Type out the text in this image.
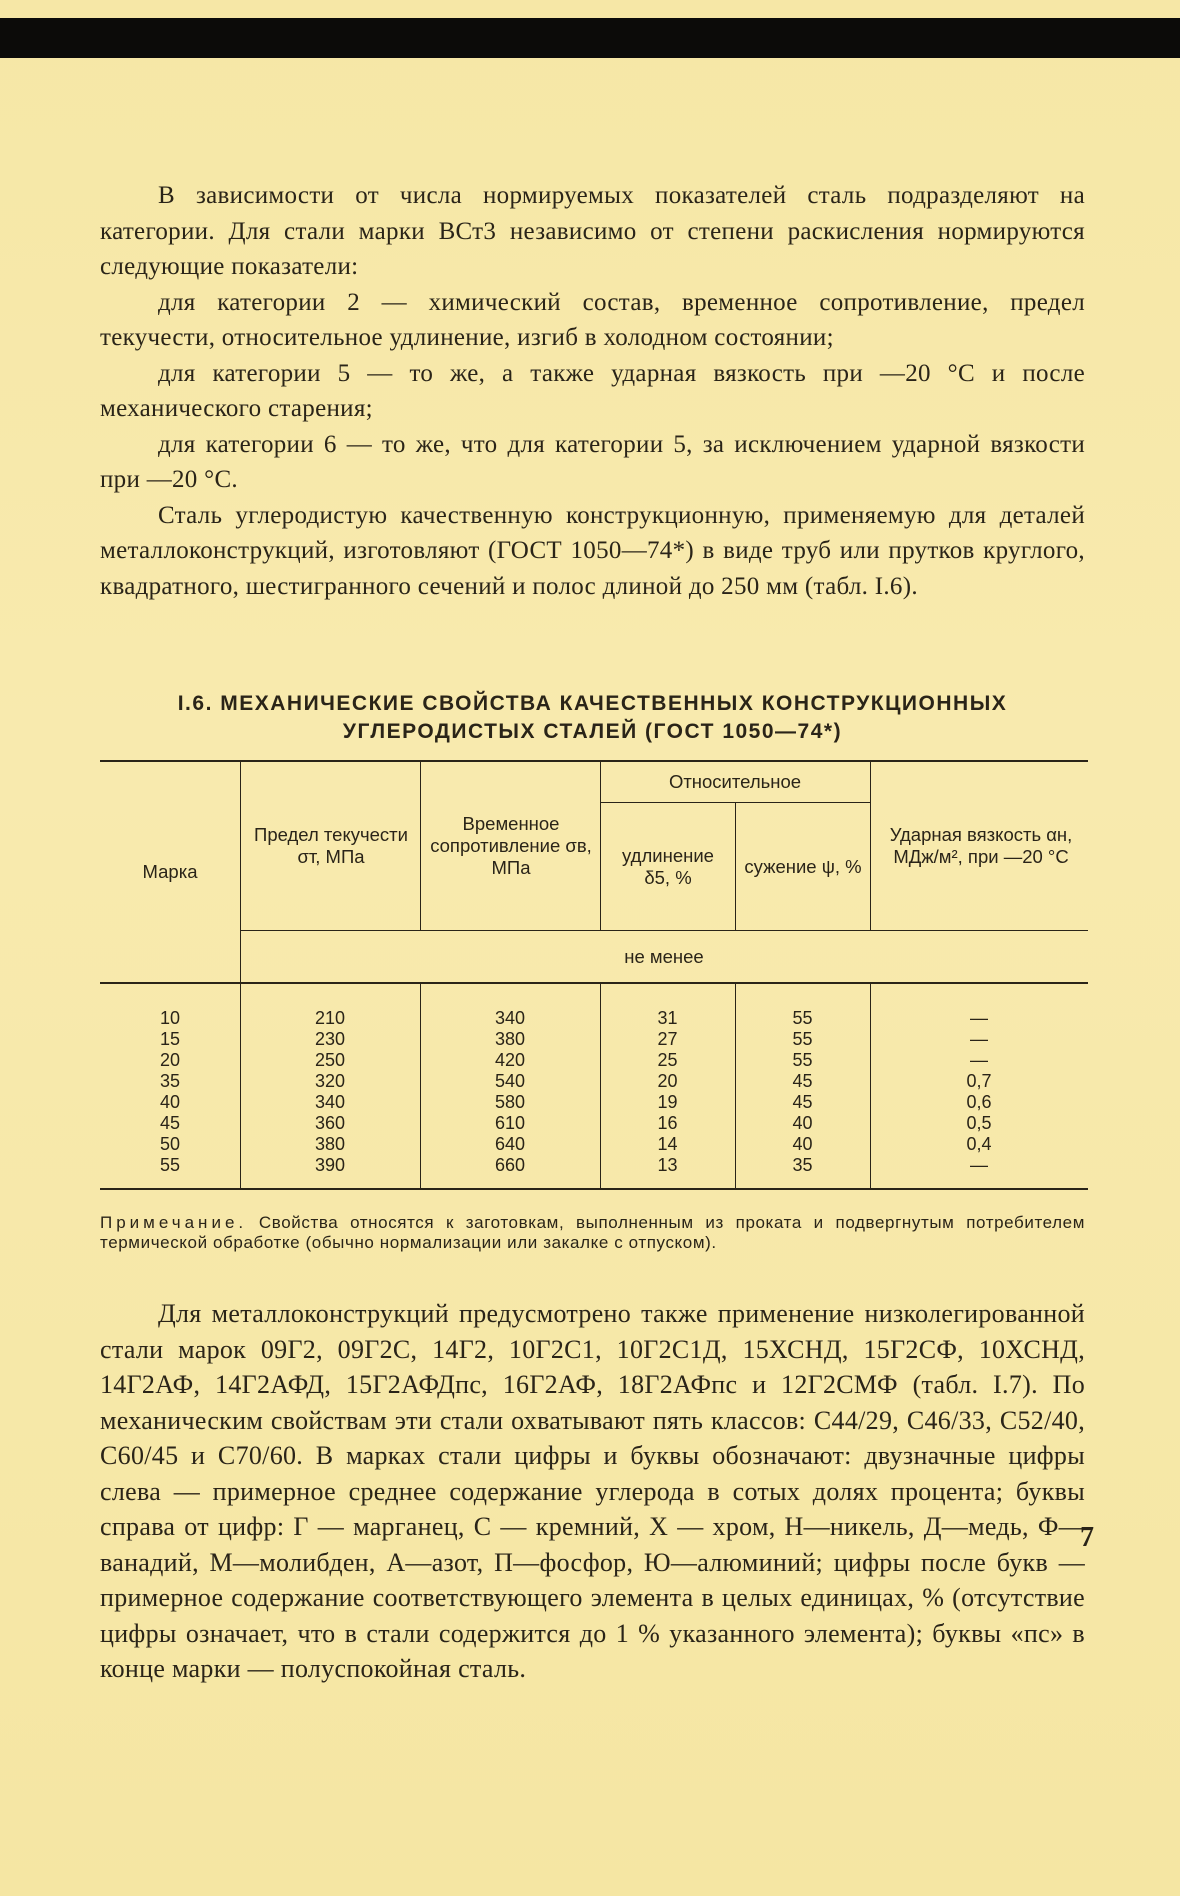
В зависимости от числа нормируемых показателей сталь подразделяют на категории. Для стали марки ВСт3 независимо от степени раскисления нормируются следующие показатели:

для категории 2 — химический состав, временное сопротивление, предел текучести, относительное удлинение, изгиб в холодном состоянии;

для категории 5 — то же, а также ударная вязкость при —20 °С и после механического старения;

для категории 6 — то же, что для категории 5, за исключением ударной вязкости при —20 °С.

Сталь углеродистую качественную конструкционную, применяемую для деталей металлоконструкций, изготовляют (ГОСТ 1050—74*) в виде труб или прутков круглого, квадратного, шестигранного сечений и полос длиной до 250 мм (табл. I.6).

I.6. МЕХАНИЧЕСКИЕ СВОЙСТВА КАЧЕСТВЕННЫХ КОНСТРУКЦИОННЫХ
УГЛЕРОДИСТЫХ СТАЛЕЙ (ГОСТ 1050—74*)
Марка
Предел текучести σт, МПа
Временное сопротивление σв, МПа
Относительное
удлинение δ5, %
сужение ψ, %
Ударная вязкость αн, МДж/м², при —20 °С
не менее
10
15
20
35
40
45
50
55
210
230
250
320
340
360
380
390
340
380
420
540
580
610
640
660
31
27
25
20
19
16
14
13
55
55
55
45
45
40
40
35
—
—
—
0,7
0,6
0,5
0,4
—
Примечание. Свойства относятся к заготовкам, выполненным из проката и подвергнутым потребителем термической обработке (обычно нормализации или закалке с отпуском).

Для металлоконструкций предусмотрено также применение низколегированной стали марок 09Г2, 09Г2С, 14Г2, 10Г2С1, 10Г2С1Д, 15ХСНД, 15Г2СФ, 10ХСНД, 14Г2АФ, 14Г2АФД, 15Г2АФДпс, 16Г2АФ, 18Г2АФпс и 12Г2СМФ (табл. I.7). По механическим свойствам эти стали охватывают пять классов: С44/29, С46/33, С52/40, С60/45 и С70/60. В марках стали цифры и буквы обозначают: двузначные цифры слева — примерное среднее содержание углерода в сотых долях процента; буквы справа от цифр: Г — марганец, С — кремний, Х — хром, Н—никель, Д—медь, Ф—ванадий, М—молибден, А—азот, П—фосфор, Ю—алюминий; цифры после букв — примерное содержание соответствующего элемента в целых единицах, % (отсутствие цифры означает, что в стали содержится до 1 % указанного элемента); буквы «пс» в конце марки — полуспокойная сталь.

7
